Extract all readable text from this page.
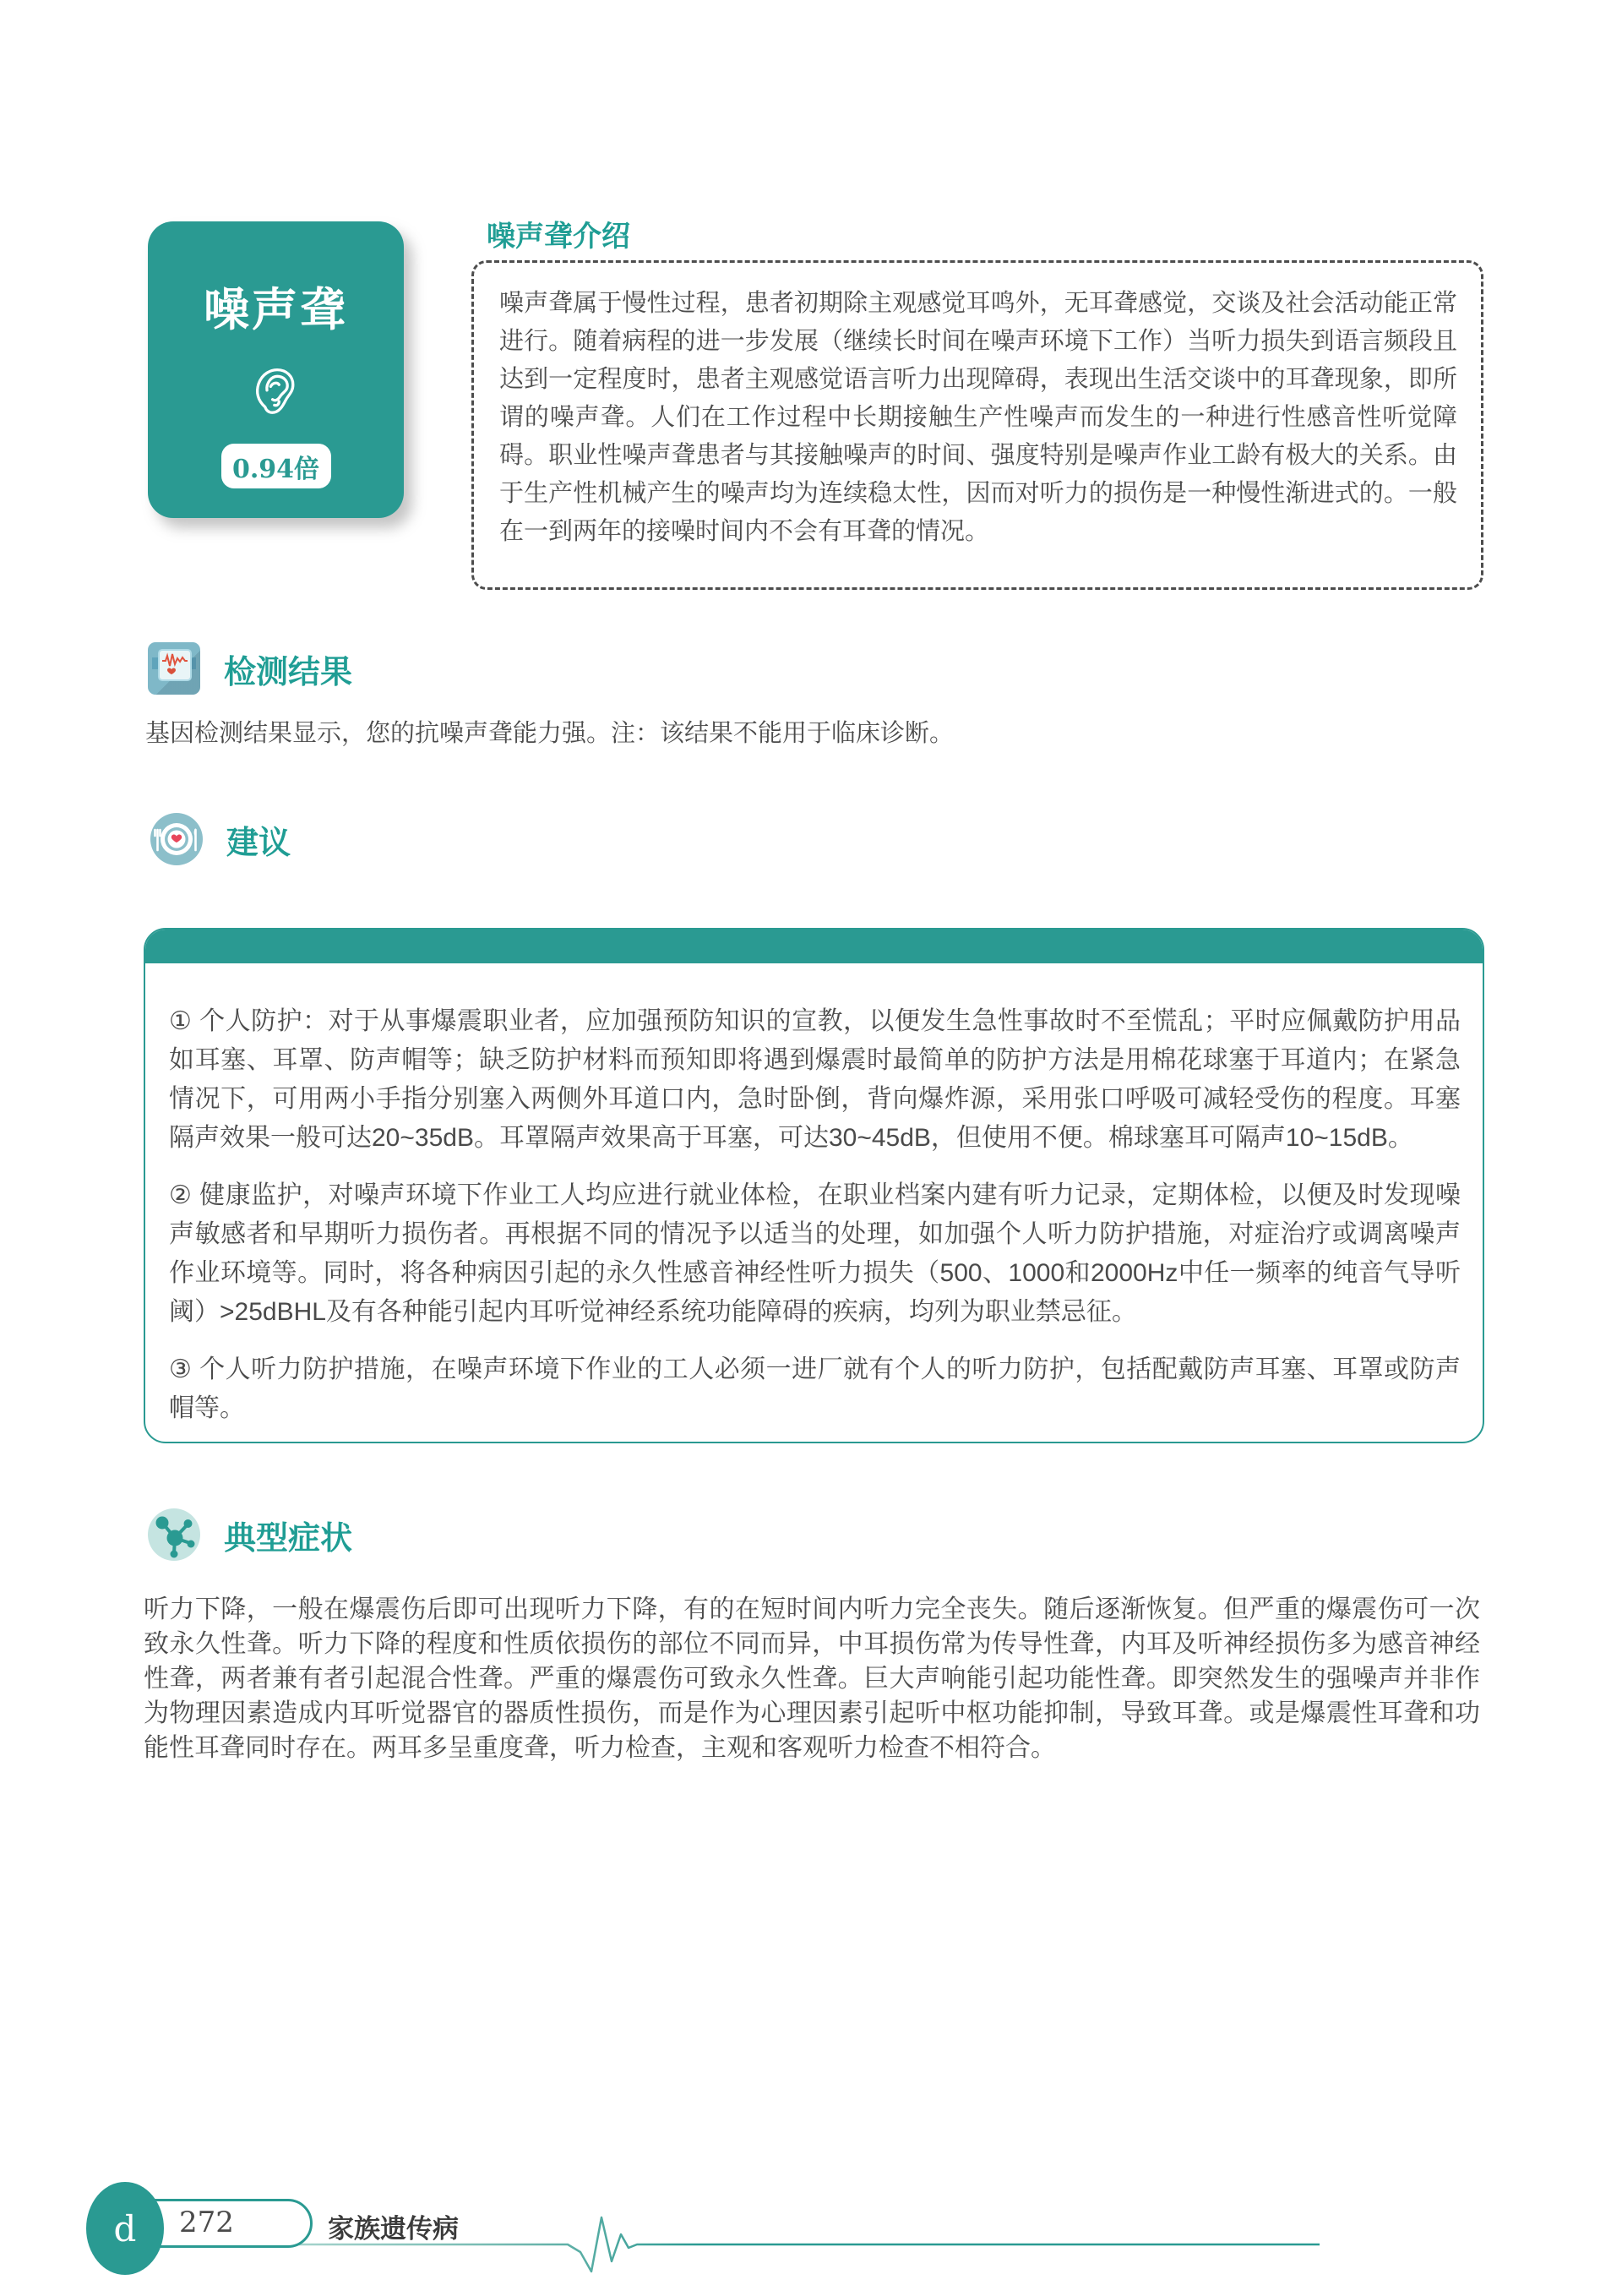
噪声聋
0.94倍
噪声聋介绍

噪声聋属于慢性过程，患者初期除主观感觉耳鸣外，无耳聋感觉，交谈及社会活动能正常进行。随着病程的进一步发展（继续长时间在噪声环境下工作）当听力损失到语言频段且达到一定程度时，患者主观感觉语言听力出现障碍，表现出生活交谈中的耳聋现象，即所谓的噪声聋。人们在工作过程中长期接触生产性噪声而发生的一种进行性感音性听觉障碍。职业性噪声聋患者与其接触噪声的时间、强度特别是噪声作业工龄有极大的关系。由于生产性机械产生的噪声均为连续稳太性，因而对听力的损伤是一种慢性渐进式的。一般在一到两年的接噪时间内不会有耳聋的情况。

检测结果

基因检测结果显示，您的抗噪声聋能力强。注：该结果不能用于临床诊断。

建议

① 个人防护：对于从事爆震职业者，应加强预防知识的宣教，以便发生急性事故时不至慌乱；平时应佩戴防护用品如耳塞、耳罩、防声帽等；缺乏防护材料而预知即将遇到爆震时最简单的防护方法是用棉花球塞于耳道内；在紧急情况下，可用两小手指分别塞入两侧外耳道口内，急时卧倒，背向爆炸源，采用张口呼吸可减轻受伤的程度。耳塞隔声效果一般可达20~35dB。耳罩隔声效果高于耳塞，可达30~45dB，但使用不便。棉球塞耳可隔声10~15dB。

② 健康监护，对噪声环境下作业工人均应进行就业体检，在职业档案内建有听力记录，定期体检，以便及时发现噪声敏感者和早期听力损伤者。再根据不同的情况予以适当的处理，如加强个人听力防护措施，对症治疗或调离噪声作业环境等。同时，将各种病因引起的永久性感音神经性听力损失（500、1000和2000Hz中任一频率的纯音气导听阈）>25dBHL及有各种能引起内耳听觉神经系统功能障碍的疾病，均列为职业禁忌征。

③ 个人听力防护措施，在噪声环境下作业的工人必须一进厂就有个人的听力防护，包括配戴防声耳塞、耳罩或防声帽等。

典型症状

听力下降，一般在爆震伤后即可出现听力下降，有的在短时间内听力完全丧失。随后逐渐恢复。但严重的爆震伤可一次致永久性聋。听力下降的程度和性质依损伤的部位不同而异，中耳损伤常为传导性聋，内耳及听神经损伤多为感音神经性聋，两者兼有者引起混合性聋。严重的爆震伤可致永久性聋。巨大声响能引起功能性聋。即突然发生的强噪声并非作为物理因素造成内耳听觉器官的器质性损伤，而是作为心理因素引起听中枢功能抑制，导致耳聋。或是爆震性耳聋和功能性耳聋同时存在。两耳多呈重度聋，听力检查，主观和客观听力检查不相符合。

d	272	家族遗传病
